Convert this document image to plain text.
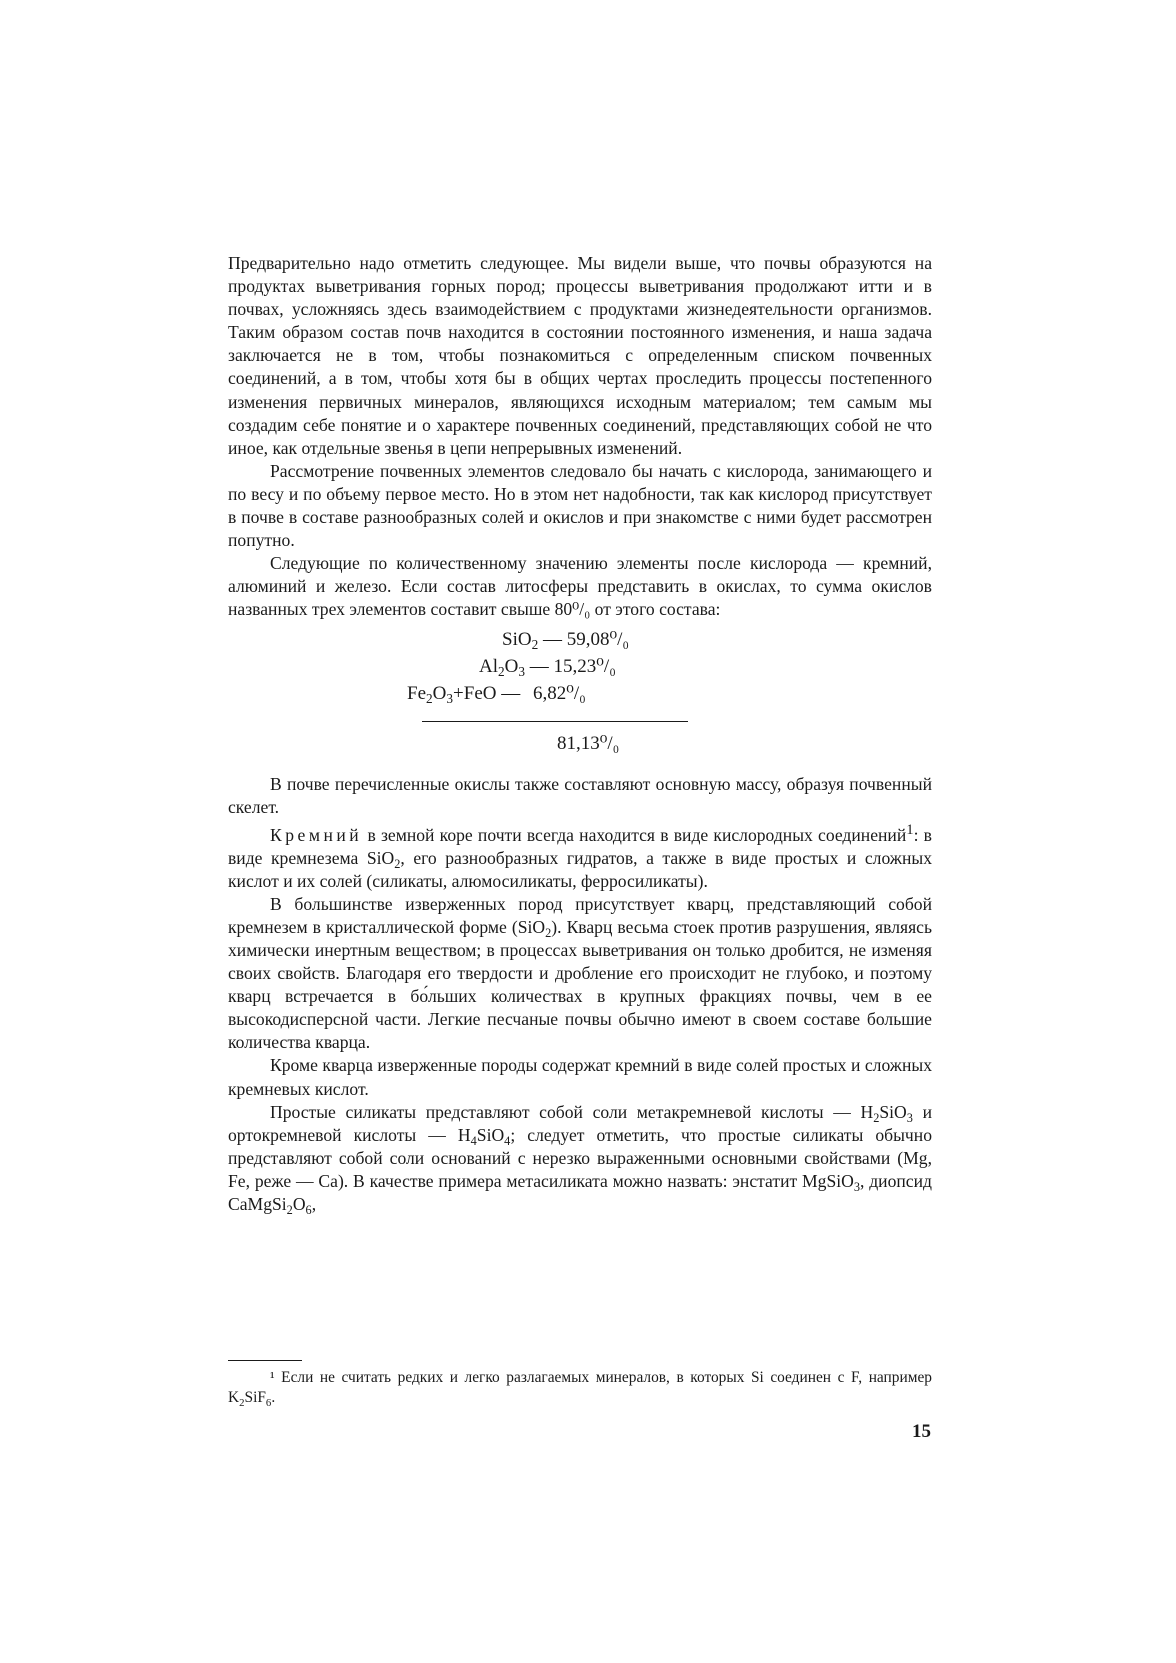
Предварительно надо отметить следующее. Мы видели выше, что почвы образуются на продуктах выветривания горных пород; процессы выветривания продолжают итти и в почвах, усложняясь здесь взаимодействием с продуктами жизнедеятельности организмов. Таким образом состав почв находится в состоянии постоянного изменения, и наша задача заключается не в том, чтобы познакомиться с определенным списком почвенных соединений, а в том, чтобы хотя бы в общих чертах проследить процессы постепенного изменения первичных минералов, являющихся исходным материалом; тем самым мы создадим себе понятие и о характере почвенных соединений, представляющих собой не что иное, как отдельные звенья в цепи непрерывных изменений.

Рассмотрение почвенных элементов следовало бы начать с кислорода, занимающего и по весу и по объему первое место. Но в этом нет надобности, так как кислород присутствует в почве в составе разнообразных солей и окислов и при знакомстве с ними будет рассмотрен попутно.

Следующие по количественному значению элементы после кислорода — кремний, алюминий и железо. Если состав литосферы представить в окислах, то сумма окислов названных трех элементов составит свыше 80⁰/₀ от этого состава:

SiO$_2$ — 59,08⁰/₀
$Al_2O_3$ — 15,23⁰/₀
$Fe_2O_3+FeO$ — 6,82⁰/₀
81,13⁰/₀

В почве перечисленные окислы также составляют основную массу, образуя почвенный скелет.

Кремний в земной коре почти всегда находится в виде кислородных соединений$^1$: в виде кремнезема SiO$_2$, его разнообразных гидратов, а также в виде простых и сложных кислот и их солей (силикаты, алюмосиликаты, ферросиликаты).

В большинстве изверженных пород присутствует кварц, представляющий собой кремнезем в кристаллической форме (SiO$_2$). Кварц весьма стоек против разрушения, являясь химически инертным веществом; в процессах выветривания он только дробится, не изменяя своих свойств. Благодаря его твердости и дробление его происходит не глубоко, и поэтому кварц встречается в бо́льших количествах в крупных фракциях почвы, чем в ее высокодисперсной части. Легкие песчаные почвы обычно имеют в своем составе большие количества кварца.

Кроме кварца изверженные породы содержат кремний в виде солей простых и сложных кремневых кислот.

Простые силикаты представляют собой соли метакремневой кислоты — $H_2SiO_3$ и ортокремневой кислоты — $H_4SiO_4$; следует отметить, что простые силикаты обычно представляют собой соли оснований с нерезко выраженными основными свойствами (Mg, Fe, реже — Ca). В качестве примера метасиликата можно назвать: энстатит MgSiO$_3$, диопсид $CaMgSi_2O_6$,

¹ Если не считать редких и легко разлагаемых минералов, в которых Si соединен с F, например $K_2SiF_6$.

15
